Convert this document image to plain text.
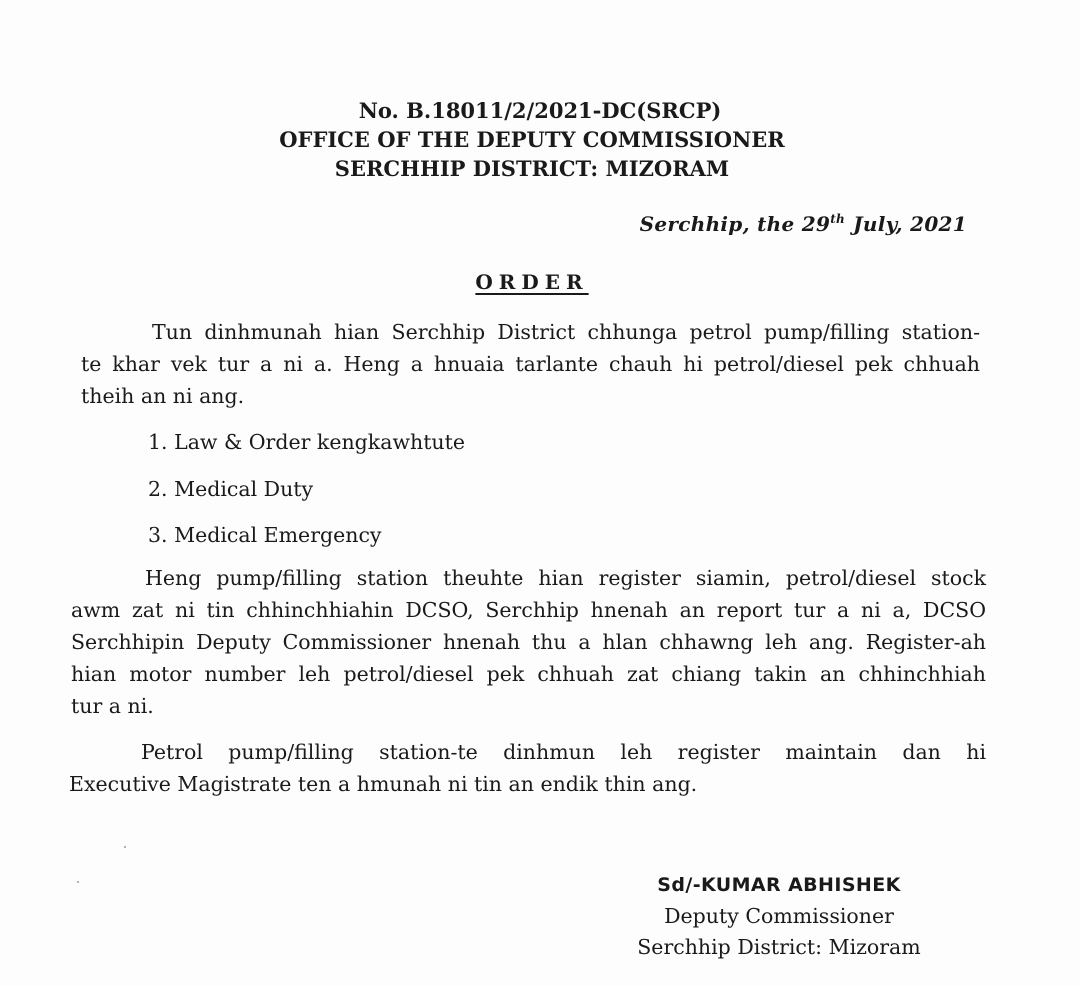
No. B.18011/2/2021-DC(SRCP)
OFFICE OF THE DEPUTY COMMISSIONER
SERCHHIP DISTRICT: MIZORAM
Serchhip, the 29th July, 2021
ORDER
Tun dinhmunah hian Serchhip District chhunga petrol pump/filling station-
te khar vek tur a ni a. Heng a hnuaia tarlante chauh hi petrol/diesel pek chhuah
theih an ni ang.
1. Law & Order kengkawhtute
2. Medical Duty
3. Medical Emergency
Heng pump/filling station theuhte hian register siamin, petrol/diesel stock
awm zat ni tin chhinchhiahin DCSO, Serchhip hnenah an report tur a ni a, DCSO
Serchhipin Deputy Commissioner hnenah thu a hlan chhawng leh ang. Register-ah
hian motor number leh petrol/diesel pek chhuah zat chiang takin an chhinchhiah
tur a ni.
Petrol pump/filling station-te dinhmun leh register maintain dan hi
Executive Magistrate ten a hmunah ni tin an endik thin ang.
Sd/-KUMAR ABHISHEK
Deputy Commissioner
Serchhip District: Mizoram
